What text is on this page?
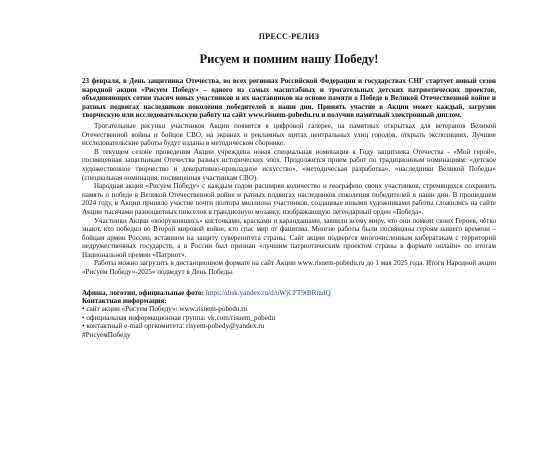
ПРЕСС-РЕЛИЗ
Рисуем и помним нашу Победу!

23 февраля, в День защитника Отечества, во всех регионах Российской Федерации и государствах СНГ стартует новый сезон народной акции «Рисуем Победу» – одного из самых масштабных и трогательных детских патриотических проектов, объединяющих сотни тысяч юных участников и их наставников на основе памяти о Победе в Великой Отечественной войне и ратных подвигах наследников поколения победителей в наши дни. Принять участие в Акции может каждый, загрузив творческую или исследовательскую работу на сайт www.risuem-pobedu.ru и получив памятный электронный диплом.

Трогательные рисунки участников Акции появятся в цифровой галерее, на памятных открытках для ветеранов Великой Отечественной войны и бойцов СВО, на экранах и рекламных щитах центральных улиц городов, открыть экспозициях. Лучшие исследовательские работы будут изданы в методическом сборнике.

В текущем сезоне проведения Акции учреждена новая специальная номинация к Году защитника Отечества - «Мой герой», посвященная защитникам Отечества разных исторических эпох. Продолжится прием работ по традиционным номинациям: «детское художественное творчество и декоративно-прикладное искусство», «методическая разработка», «наследники Великой Победы» (специальная номинация, посвященная участникам СВО).

Народная акция «Рисуем Победу» с каждым годом расширяя количество и географию своих участников, стремящихся сохранить память о победе в Великой Отечественной войне и ратных подвигах наследников поколения победителей в наши дни. В прошедшем 2024 году, в Акции приняло участие почти полтора миллиона участников, созданные юными художниками работы сложились на сайте Акции тысячами разноцветных пикселов в грандиозную мозаику, изображающую легендарный орден «Победа».

Участники Акции «вооружившись» кисточками, красками и карандашами, заявили всему миру, что они помнят своих Героев, чётко знают, кто победил во Второй мировой войне, кто спас мир от фашизма. Многие работы были посвящены героям нашего времени – бойцам армии России, вставшим на защиту суверенитета страны. Сайт акции подвергся многочисленным кибератакам с территорий недружественных государств, а в России был признан «лучшим патриотическим проектом страны в формате онлайн» по итогам Национальной премии «Патриот».

Работы можно загрузить в дистанционном формате на сайт Акции www.risuem-pobedu.ru до 1 мая 2025 года. Итоги Народной акции «Рисуем Победу»-2025» подведут в День Победы.

Афиша, логотип, официальные фото: https://disk.yandex.ru/d/uWjCFT9tBRnulQ

Контактная информация:

• сайт акции «Рисуем Победу»: www.risuem-pobedu.ru

• официальная информационная группа: vk.com/risuem_pobedu

• контактный e-mail оргкомитета: risyem-pobedy@yandex.ru

#РисуемПобеду
